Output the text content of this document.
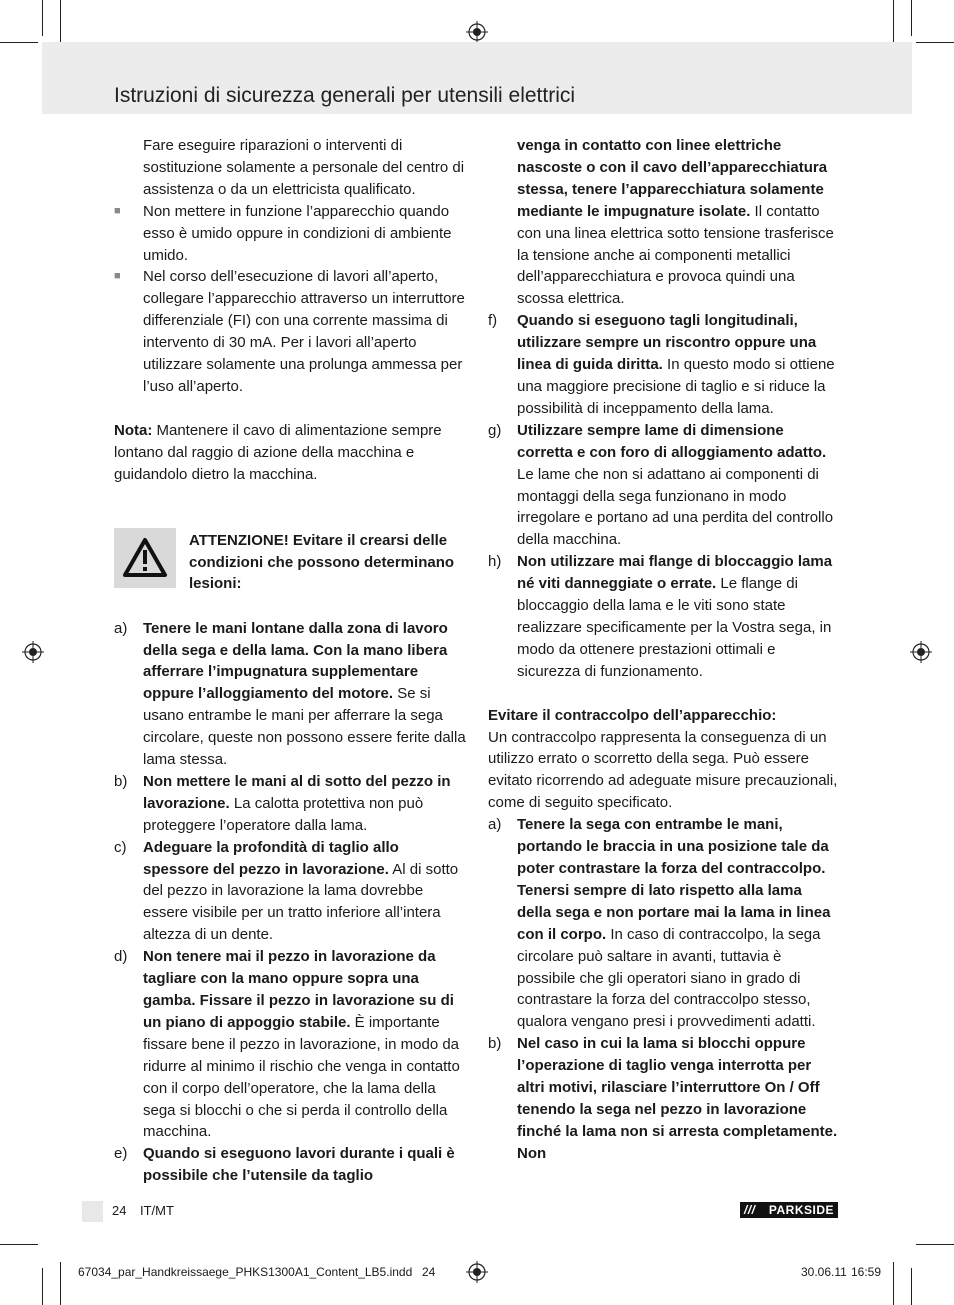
Istruzioni di sicurezza generali per utensili elettrici

Fare eseguire riparazioni o interventi di sostituzione solamente a personale del centro di assistenza o da un elettricista qualificato.

■ Non mettere in funzione l’apparecchio quando esso è umido oppure in condizioni di ambiente umido.

■ Nel corso dell’esecuzione di lavori all’aperto, collegare l’apparecchio attraverso un interruttore differenziale (FI) con una corrente massima di intervento di 30 mA. Per i lavori all’aperto utilizzare solamente una prolunga ammessa per l’uso all’aperto.

Nota: Mantenere il cavo di alimentazione sempre lontano dal raggio di azione della macchina e guidandolo dietro la macchina.

ATTENZIONE! Evitare il crearsi delle condizioni che possono determinano lesioni:

a) Tenere le mani lontane dalla zona di lavoro della sega e della lama. Con la mano libera afferrare l’impugnatura supplementare oppure l’alloggiamento del motore. Se si usano entrambe le mani per afferrare la sega circolare, queste non possono essere ferite dalla lama stessa.

b) Non mettere le mani al di sotto del pezzo in lavorazione. La calotta protettiva non può proteggere l’operatore dalla lama.

c) Adeguare la profondità di taglio allo spessore del pezzo in lavorazione. Al di sotto del pezzo in lavorazione la lama dovrebbe essere visibile per un tratto inferiore all’intera altezza di un dente.

d) Non tenere mai il pezzo in lavorazione da tagliare con la mano oppure sopra una gamba. Fissare il pezzo in lavorazione su di un piano di appoggio stabile. È importante fissare bene il pezzo in lavorazione, in modo da ridurre al minimo il rischio che venga in contatto con il corpo dell’operatore, che la lama della sega si blocchi o che si perda il controllo della macchina.

e) Quando si eseguono lavori durante i quali è possibile che l’utensile da taglio

venga in contatto con linee elettriche nascoste o con il cavo dell’apparecchiatura stessa, tenere l’apparecchiatura solamente mediante le impugnature isolate. Il contatto con una linea elettrica sotto tensione trasferisce la tensione anche ai componenti metallici dell’apparecchiatura e provoca quindi una scossa elettrica.

f) Quando si eseguono tagli longitudinali, utilizzare sempre un riscontro oppure una linea di guida diritta. In questo modo si ottiene una maggiore precisione di taglio e si riduce la possibilità di inceppamento della lama.

g) Utilizzare sempre lame di dimensione corretta e con foro di alloggiamento adatto. Le lame che non si adattano ai componenti di montaggi della sega funzionano in modo irregolare e portano ad una perdita del controllo della macchina.

h) Non utilizzare mai flange di bloccaggio lama né viti danneggiate o errate. Le flange di bloccaggio della lama e le viti sono state realizzare specificamente per la Vostra sega, in modo da ottenere prestazioni ottimali e sicurezza di funzionamento.

Evitare il contraccolpo dell’apparecchio:

Un contraccolpo rappresenta la conseguenza di un utilizzo errato o scorretto della sega. Può essere evitato ricorrendo ad adeguate misure precauzionali, come di seguito specificato.

a) Tenere la sega con entrambe le mani, portando le braccia in una posizione tale da poter contrastare la forza del contraccolpo. Tenersi sempre di lato rispetto alla lama della sega e non portare mai la lama in linea con il corpo. In caso di contraccolpo, la sega circolare può saltare in avanti, tuttavia è possibile che gli operatori siano in grado di contrastare la forza del contraccolpo stesso, qualora vengano presi i provvedimenti adatti.

b) Nel caso in cui la lama si blocchi oppure l’operazione di taglio venga interrotta per altri motivi, rilasciare l’interruttore On / Off tenendo la sega nel pezzo in lavorazione finché la lama non si arresta completamente. Non

24 IT/MT	/// PARKSIDE
67034_par_Handkreissaege_PHKS1300A1_Content_LB5.indd 24	30.06.11 16:59
